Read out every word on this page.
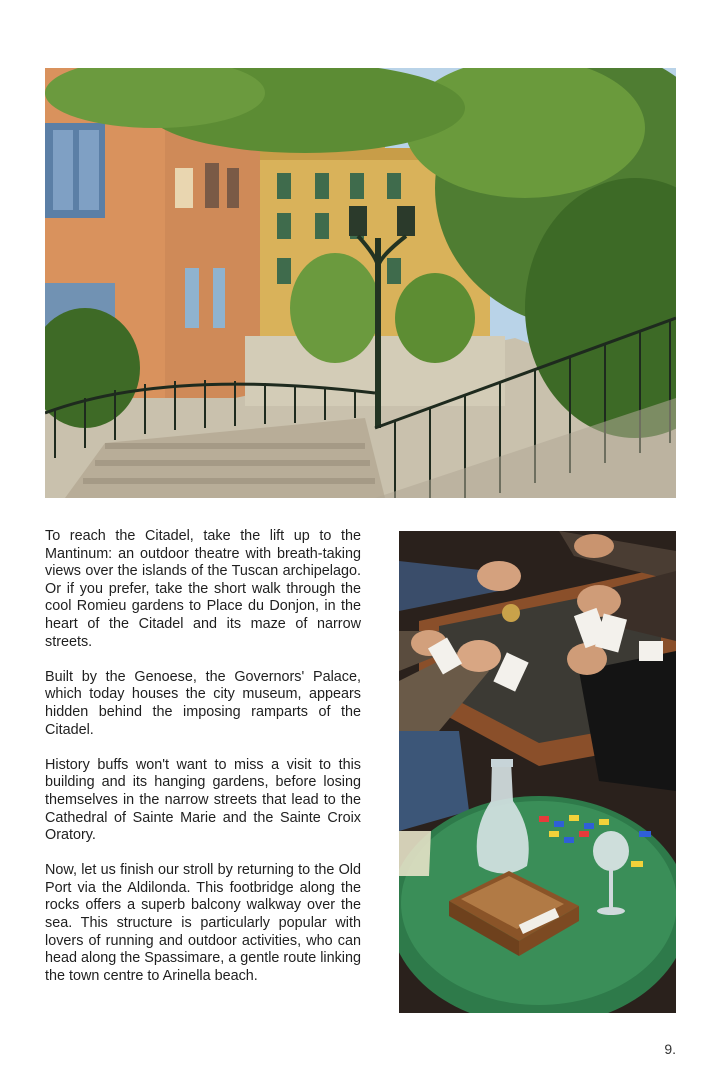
To reach the Citadel, take the lift up to the Mantinum: an outdoor theatre with breath-taking views over the islands of the Tuscan archipelago. Or if you prefer, take the short walk through the cool Romieu gardens to Place du Donjon, in the heart of the Citadel and its maze of narrow streets.

Built by the Genoese, the Governors' Palace, which today houses the city museum, appears hidden behind the imposing ramparts of the Citadel.

History buffs won't want to miss a visit to this building and its hanging gardens, before losing themselves in the narrow streets that lead to the Cathedral of Sainte Marie and the Sainte Croix Oratory.

Now, let us finish our stroll by returning to the Old Port via the Aldilonda. This footbridge along the rocks offers a superb balcony walkway over the sea. This structure is particularly popular with lovers of running and outdoor activities, who can head along the Spassimare, a gentle route linking the town centre to Arinella beach.

9.
